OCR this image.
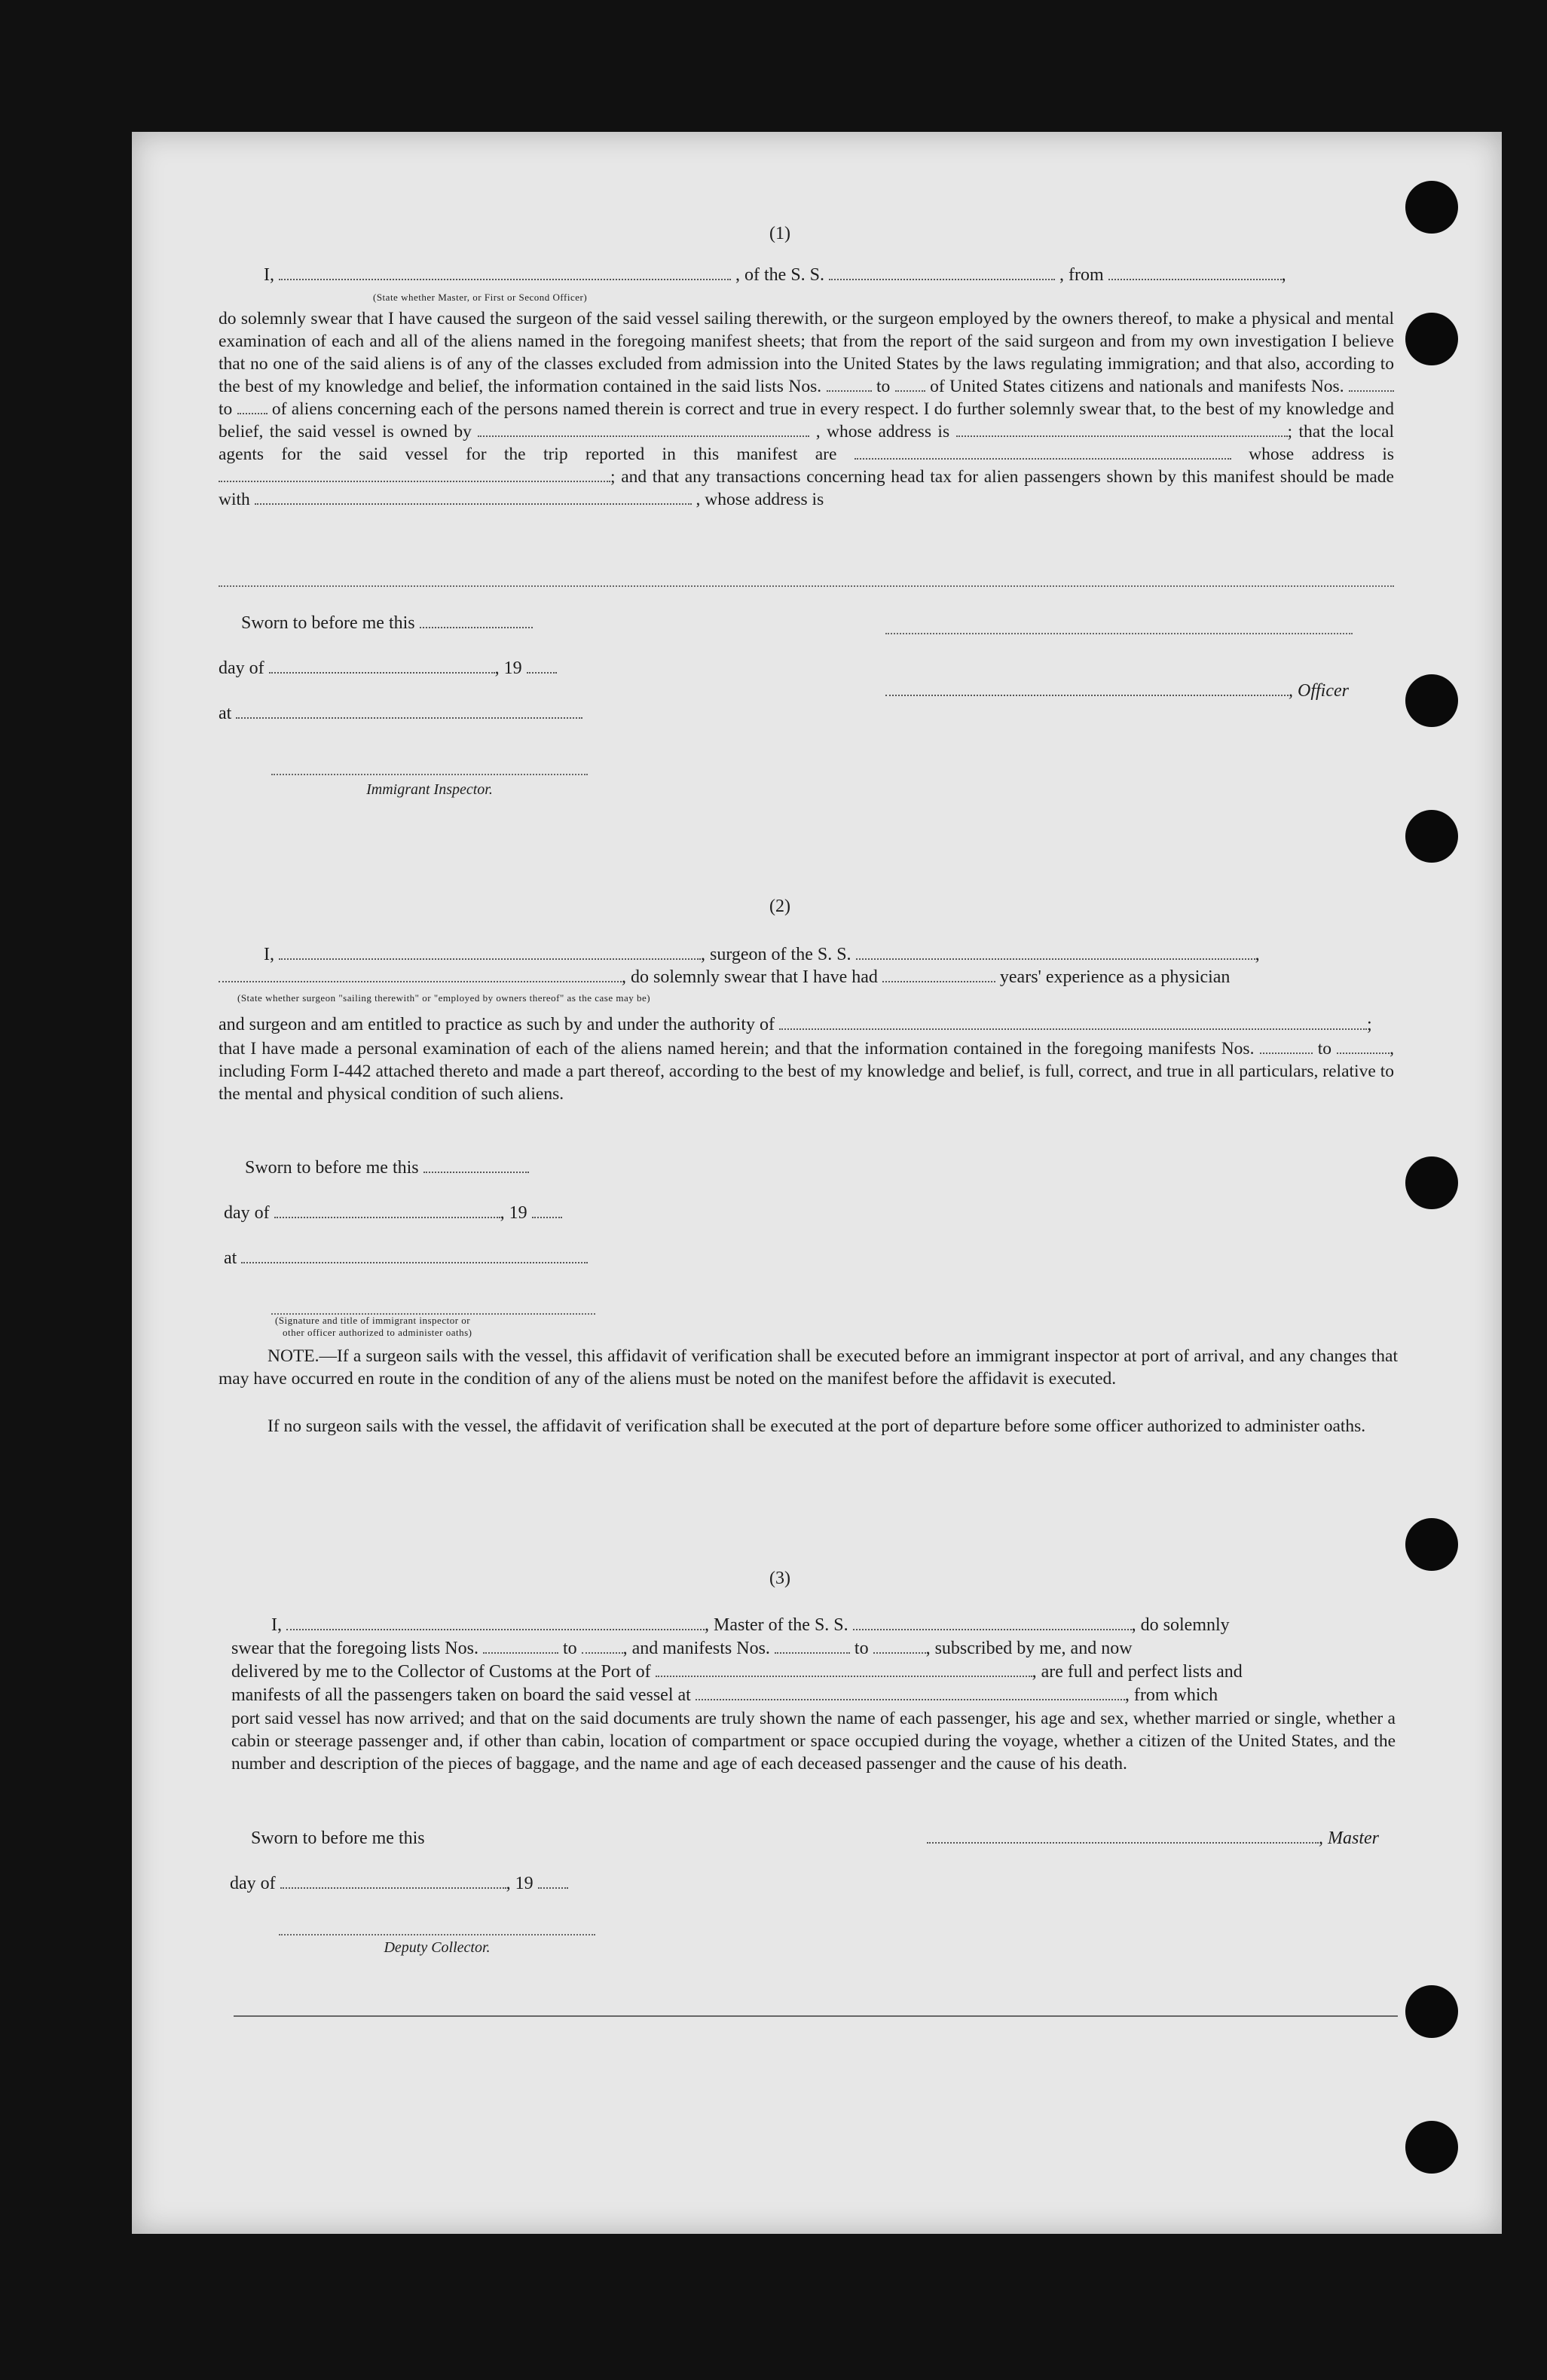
(1)
I,	, of the S. S.	, from	,
(State whether Master, or First or Second Officer)
do solemnly swear that I have caused the surgeon of the said vessel sailing therewith, or the surgeon employed by the owners thereof, to make a physical and mental examination of each and all of the aliens named in the foregoing manifest sheets; that from the report of the said surgeon and from my own investigation I believe that no one of the said aliens is of any of the classes excluded from admission into the United States by the laws regulating immigration; and that also, according to the best of my knowledge and belief, the information contained in the said lists Nos.	to of United States citizens and nationals and manifests Nos.  to of aliens concerning each of the persons named therein is correct and true in every respect. I do further solemnly swear that, to the best of my knowledge and belief, the said vessel is owned by	, whose address is	; that the local agents for the said vessel for the trip reported in this manifest are	whose address is ; and that any transactions concerning head tax for alien passengers shown by this manifest should be made with	, whose address is
Sworn to before me this
day of	, 19
, Officer
at
Immigrant Inspector.
(2)
I,	, surgeon of the S. S.	,
, do solemnly swear that I have had	years' experience as a physician
(State whether surgeon "sailing therewith" or "employed by owners thereof" as the case may be)
and surgeon and am entitled to practice as such by and under the authority of	;
that I have made a personal examination of each of the aliens named herein; and that the information contained in the foregoing manifests Nos.	to	, including Form I-442 attached thereto and made a part thereof, according to the best of my knowledge and belief, is full, correct, and true in all particulars, relative to the mental and physical condition of such aliens.
Sworn to before me this
day of	, 19
at
(Signature and title of immigrant inspector or
other officer authorized to administer oaths)
NOTE.—If a surgeon sails with the vessel, this affidavit of verification shall be executed before an immigrant inspector at port of arrival, and any changes that may have occurred en route in the condition of any of the aliens must be noted on the manifest before the affidavit is executed.
If no surgeon sails with the vessel, the affidavit of verification shall be executed at the port of departure before some officer authorized to administer oaths.
(3)
I,	, Master of the S. S.	, do solemnly
swear that the foregoing lists Nos.	to	, and manifests Nos.	to	, subscribed by me, and now
delivered by me to the Collector of Customs at the Port of	, are full and perfect lists and
manifests of all the passengers taken on board the said vessel at	, from which
port said vessel has now arrived; and that on the said documents are truly shown the name of each passenger, his age and sex, whether married or single, whether a cabin or steerage passenger and, if other than cabin, location of compartment or space occupied during the voyage, whether a citizen of the United States, and the number and description of the pieces of baggage, and the name and age of each deceased passenger and the cause of his death.
Sworn to before me this	, Master
day of	, 19
Deputy Collector.
